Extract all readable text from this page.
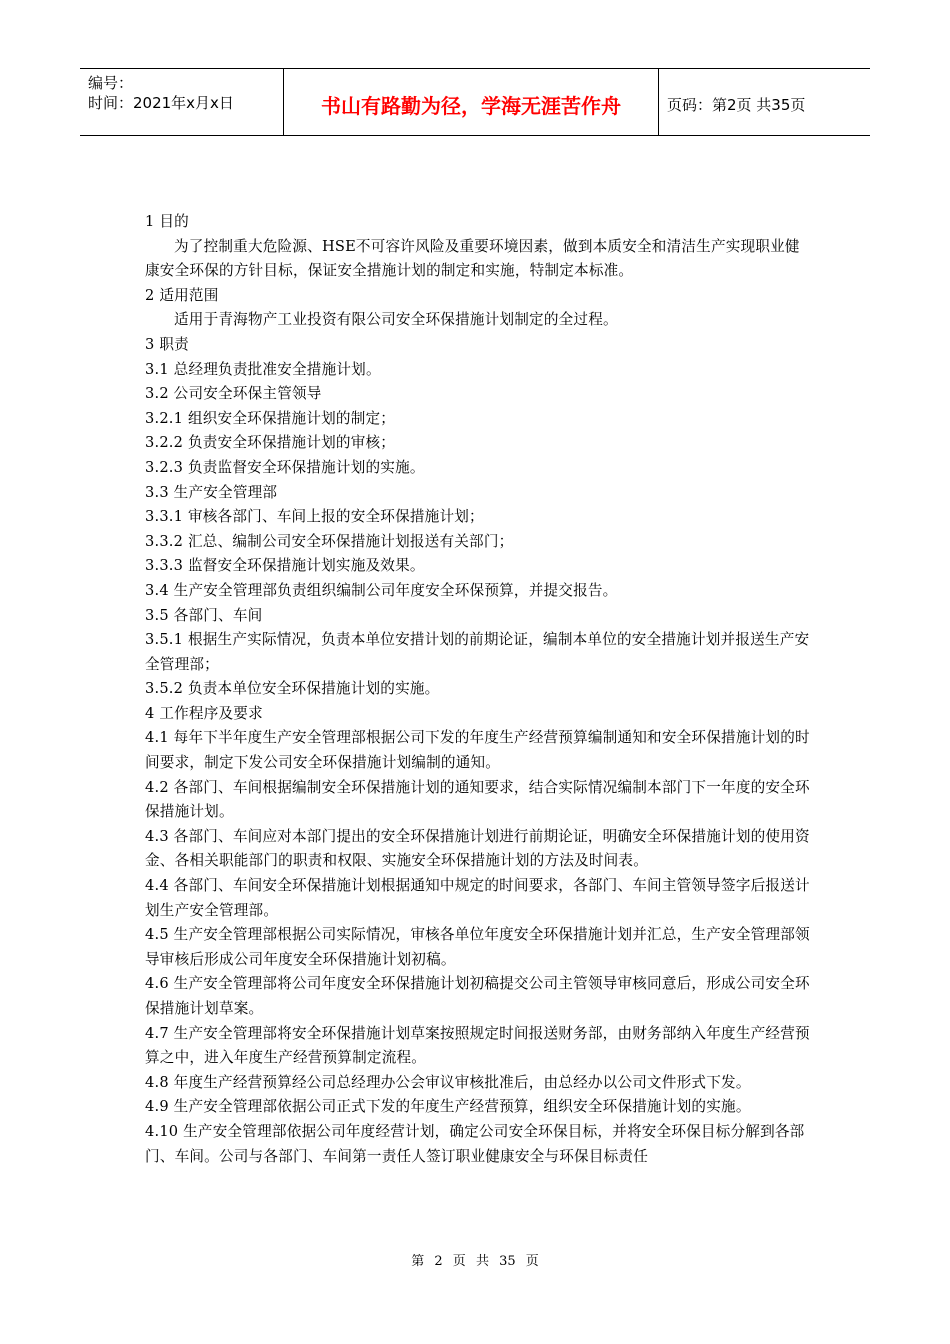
编号：
时间：2021年x月x日	书山有路勤为径，学海无涯苦作舟	页码：第2页 共35页

1 目的

为了控制重大危险源、HSE不可容许风险及重要环境因素，做到本质安全和清洁生产实现职业健康安全环保的方针目标，保证安全措施计划的制定和实施，特制定本标准。

2 适用范围

适用于青海物产工业投资有限公司安全环保措施计划制定的全过程。

3 职责

3.1 总经理负责批准安全措施计划。

3.2 公司安全环保主管领导

3.2.1 组织安全环保措施计划的制定；

3.2.2 负责安全环保措施计划的审核；

3.2.3 负责监督安全环保措施计划的实施。

3.3 生产安全管理部

3.3.1 审核各部门、车间上报的安全环保措施计划；

3.3.2 汇总、编制公司安全环保措施计划报送有关部门；

3.3.3 监督安全环保措施计划实施及效果。

3.4 生产安全管理部负责组织编制公司年度安全环保预算，并提交报告。

3.5 各部门、车间

3.5.1 根据生产实际情况，负责本单位安措计划的前期论证，编制本单位的安全措施计划并报送生产安全管理部；

3.5.2 负责本单位安全环保措施计划的实施。

4 工作程序及要求

4.1 每年下半年度生产安全管理部根据公司下发的年度生产经营预算编制通知和安全环保措施计划的时间要求，制定下发公司安全环保措施计划编制的通知。

4.2 各部门、车间根据编制安全环保措施计划的通知要求，结合实际情况编制本部门下一年度的安全环保措施计划。

4.3 各部门、车间应对本部门提出的安全环保措施计划进行前期论证，明确安全环保措施计划的使用资金、各相关职能部门的职责和权限、实施安全环保措施计划的方法及时间表。

4.4 各部门、车间安全环保措施计划根据通知中规定的时间要求，各部门、车间主管领导签字后报送计划生产安全管理部。

4.5 生产安全管理部根据公司实际情况，审核各单位年度安全环保措施计划并汇总，生产安全管理部领导审核后形成公司年度安全环保措施计划初稿。

4.6 生产安全管理部将公司年度安全环保措施计划初稿提交公司主管领导审核同意后，形成公司安全环保措施计划草案。

4.7 生产安全管理部将安全环保措施计划草案按照规定时间报送财务部，由财务部纳入年度生产经营预算之中，进入年度生产经营预算制定流程。

4.8 年度生产经营预算经公司总经理办公会审议审核批准后，由总经办以公司文件形式下发。

4.9 生产安全管理部依据公司正式下发的年度生产经营预算，组织安全环保措施计划的实施。

4.10 生产安全管理部依据公司年度经营计划，确定公司安全环保目标，并将安全环保目标分解到各部门、车间。公司与各部门、车间第一责任人签订职业健康安全与环保目标责任

第 2 页 共 35 页
